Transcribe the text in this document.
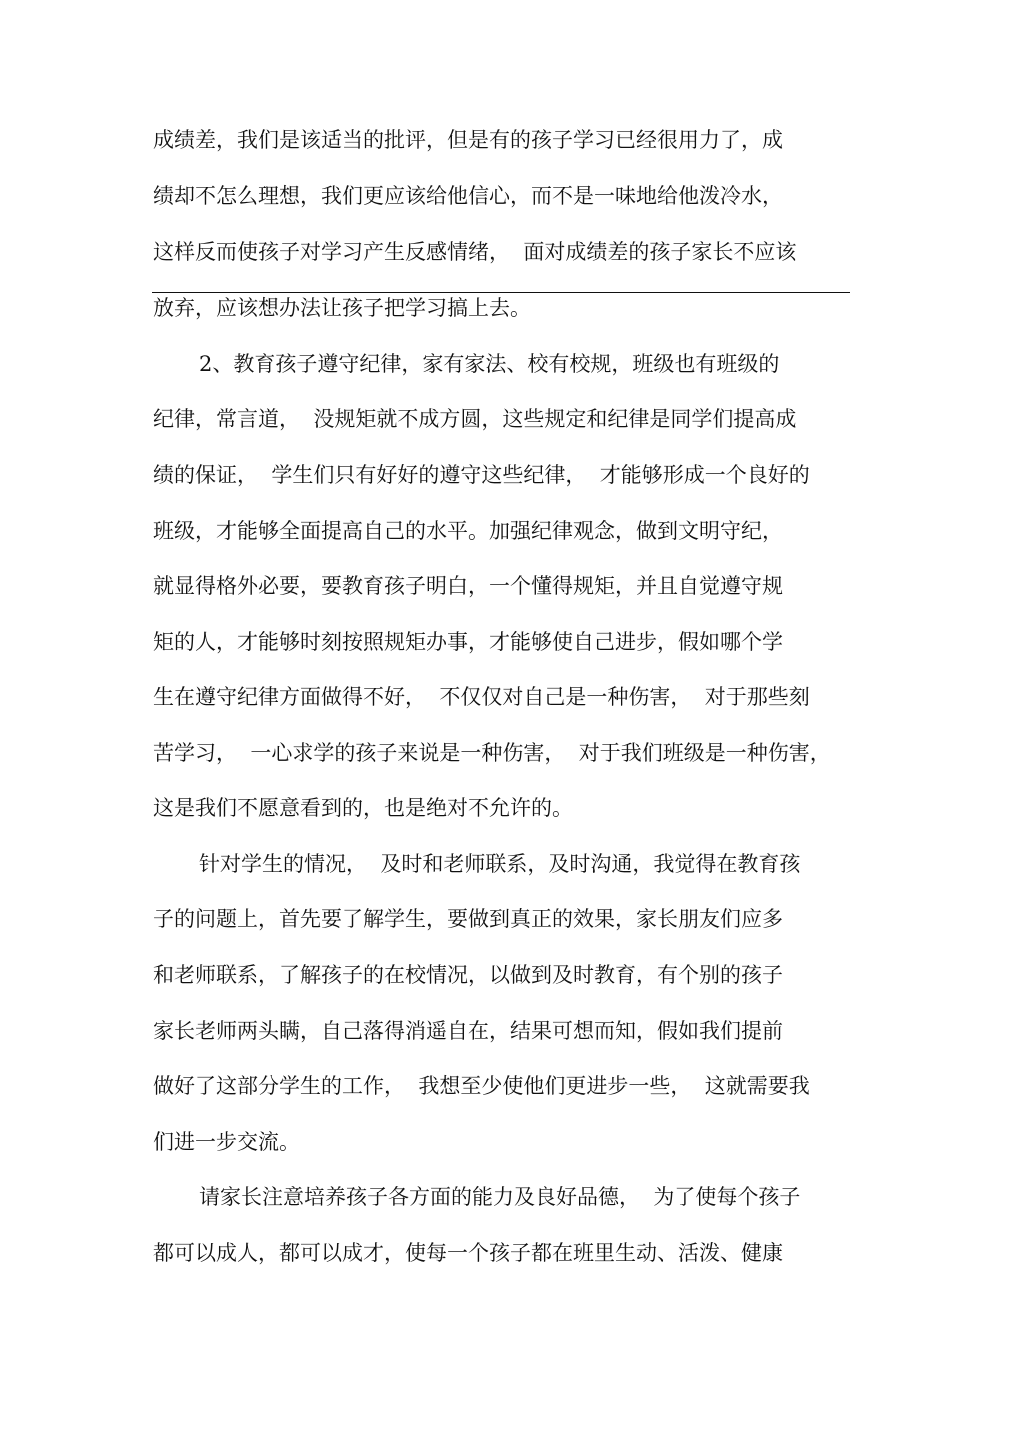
成绩差，我们是该适当的批评，但是有的孩子学习已经很用力了，成

绩却不怎么理想，我们更应该给他信心，而不是一味地给他泼冷水，

这样反而使孩子对学习产生反感情绪，  面对成绩差的孩子家长不应该

放弃，应该想办法让孩子把学习搞上去。

2、教育孩子遵守纪律，家有家法、校有校规，班级也有班级的

纪律，常言道，  没规矩就不成方圆，这些规定和纪律是同学们提高成

绩的保证，  学生们只有好好的遵守这些纪律，  才能够形成一个良好的

班级，才能够全面提高自己的水平。加强纪律观念，做到文明守纪，

就显得格外必要，要教育孩子明白，一个懂得规矩，并且自觉遵守规

矩的人，才能够时刻按照规矩办事，才能够使自己进步，假如哪个学

生在遵守纪律方面做得不好，  不仅仅对自己是一种伤害，  对于那些刻

苦学习，  一心求学的孩子来说是一种伤害，  对于我们班级是一种伤害，

这是我们不愿意看到的，也是绝对不允许的。

针对学生的情况，  及时和老师联系，及时沟通，我觉得在教育孩

子的问题上，首先要了解学生，要做到真正的效果，家长朋友们应多

和老师联系，了解孩子的在校情况，以做到及时教育，有个别的孩子

家长老师两头瞒，自己落得消遥自在，结果可想而知，假如我们提前

做好了这部分学生的工作，  我想至少使他们更进步一些，  这就需要我

们进一步交流。

请家长注意培养孩子各方面的能力及良好品德，  为了使每个孩子

都可以成人，都可以成才，使每一个孩子都在班里生动、活泼、健康
